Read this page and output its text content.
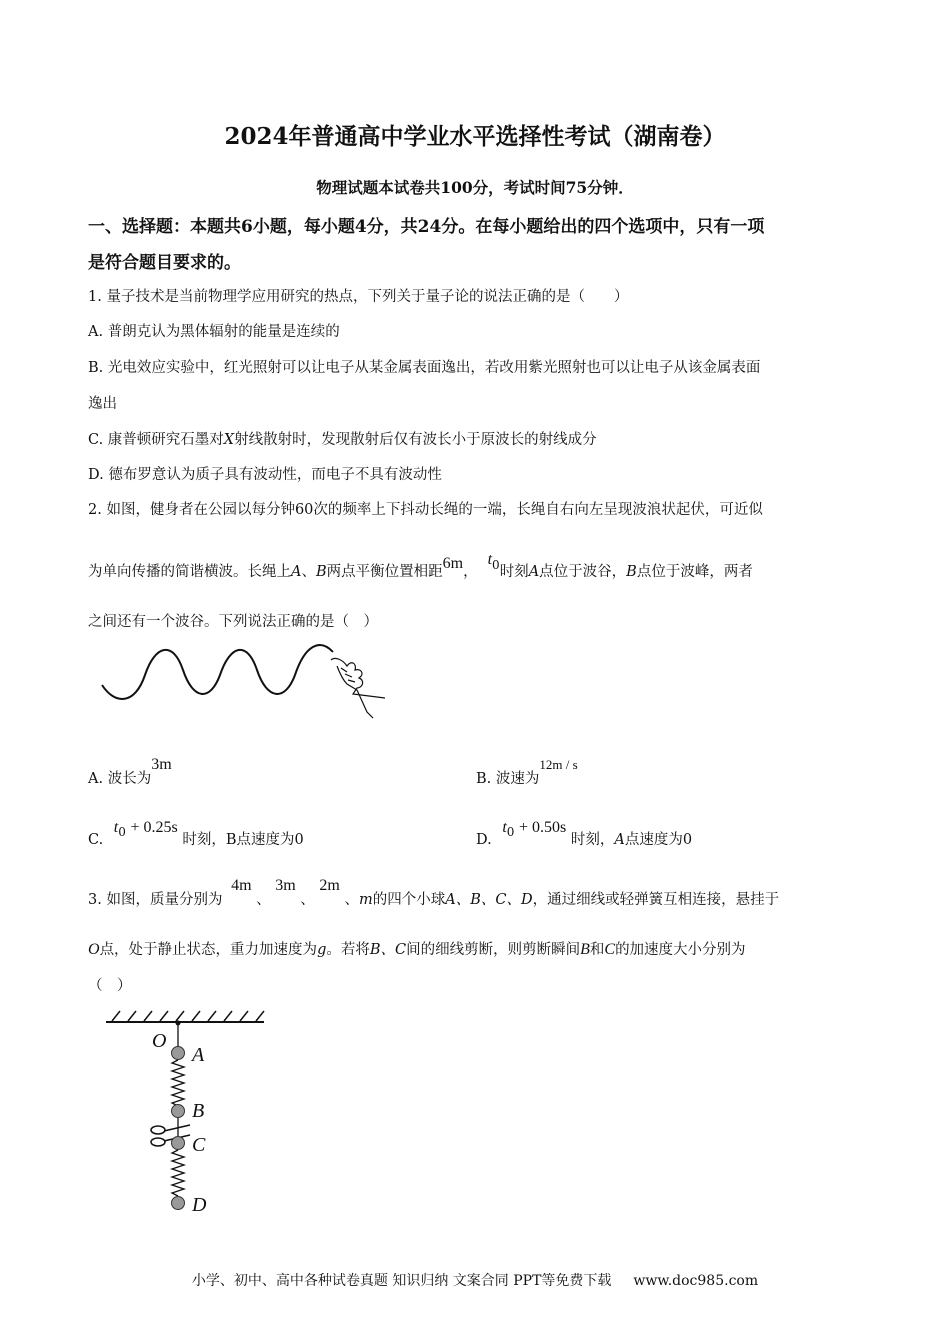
2024年普通高中学业水平选择性考试（湖南卷）
物理试题本试卷共100分，考试时间75分钟．
一、选择题：本题共6小题，每小题4分，共24分。在每小题给出的四个选项中，只有一项
是符合题目要求的。
1. 量子技术是当前物理学应用研究的热点，下列关于量子论的说法正确的是（　　）
A. 普朗克认为黑体辐射的能量是连续的
B. 光电效应实验中，红光照射可以让电子从某金属表面逸出，若改用紫光照射也可以让电子从该金属表面
逸出
C. 康普顿研究石墨对X射线散射时，发现散射后仅有波长小于原波长的射线成分
D. 德布罗意认为质子具有波动性，而电子不具有波动性
2. 如图，健身者在公园以每分钟60次的频率上下抖动长绳的一端，长绳自右向左呈现波浪状起伏，可近似
为单向传播的简谐横波。长绳上A、B两点平衡位置相距6m，$t^0$时刻A点位于波谷，B点位于波峰，两者
之间还有一个波谷。下列说法正确的是（　）
A. 波长为3m
B. 波速为12m / s
C. $t^0 + 0.25s$ 时刻，B点速度为0	D. $t^0 + 0.50s$ 时刻，A点速度为0
3. 如图，质量分别为 4m 、 3m 、 2m 、m的四个小球A、B、C、D，通过细线或轻弹簧互相连接，悬挂于
O点，处于静止状态，重力加速度为g。若将B、C间的细线剪断，则剪断瞬间B和C的加速度大小分别为
（　）
O
A
B
C
D
小学、初中、高中各种试卷真题 知识归纳 文案合同 PPT等免费下载 www.doc985.com
